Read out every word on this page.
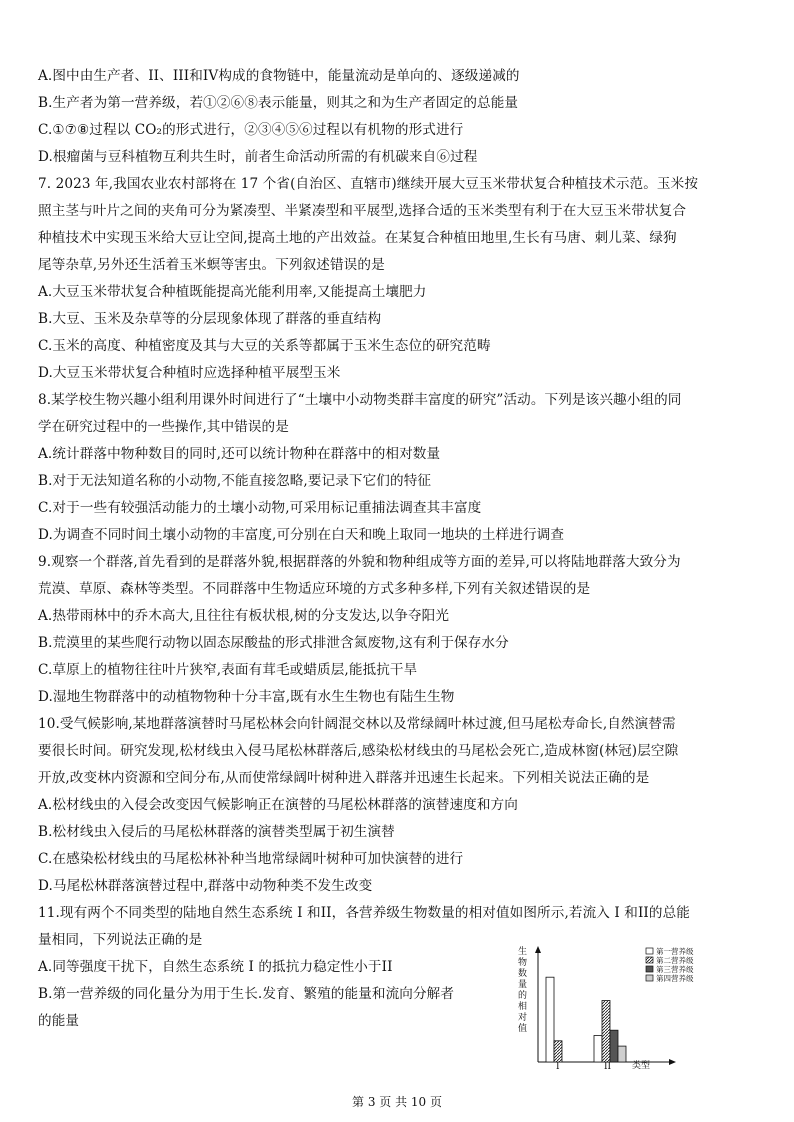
A.图中由生产者、II、III和IV构成的食物链中，能量流动是单向的、逐级递减的
B.生产者为第一营养级，若①②⑥⑧表示能量，则其之和为生产者固定的总能量
C.①⑦⑧过程以 CO₂的形式进行，②③④⑤⑥过程以有机物的形式进行
D.根瘤菌与豆科植物互利共生时，前者生命活动所需的有机碳来自⑥过程
7. 2023 年,我国农业农村部将在 17 个省(自治区、直辖市)继续开展大豆玉米带状复合种植技术示范。玉米按
照主茎与叶片之间的夹角可分为紧凑型、半紧凑型和平展型,选择合适的玉米类型有利于在大豆玉米带状复合
种植技术中实现玉米给大豆让空间,提高土地的产出效益。在某复合种植田地里,生长有马唐、刺儿菜、绿狗
尾等杂草,另外还生活着玉米螟等害虫。下列叙述错误的是
A.大豆玉米带状复合种植既能提高光能利用率,又能提高土壤肥力
B.大豆、玉米及杂草等的分层现象体现了群落的垂直结构
C.玉米的高度、种植密度及其与大豆的关系等都属于玉米生态位的研究范畴
D.大豆玉米带状复合种植时应选择种植平展型玉米
8.某学校生物兴趣小组利用课外时间进行了“土壤中小动物类群丰富度的研究”活动。下列是该兴趣小组的同
学在研究过程中的一些操作,其中错误的是
A.统计群落中物种数目的同时,还可以统计物种在群落中的相对数量
B.对于无法知道名称的小动物,不能直接忽略,要记录下它们的特征
C.对于一些有较强活动能力的土壤小动物,可采用标记重捕法调查其丰富度
D.为调查不同时间土壤小动物的丰富度,可分别在白天和晚上取同一地块的土样进行调查
9.观察一个群落,首先看到的是群落外貌,根据群落的外貌和物种组成等方面的差异,可以将陆地群落大致分为
荒漠、草原、森林等类型。不同群落中生物适应环境的方式多种多样,下列有关叙述错误的是
A.热带雨林中的乔木高大,且往往有板状根,树的分支发达,以争夺阳光
B.荒漠里的某些爬行动物以固态尿酸盐的形式排泄含氮废物,这有利于保存水分
C.草原上的植物往往叶片狭窄,表面有茸毛或蜡质层,能抵抗干旱
D.湿地生物群落中的动植物物种十分丰富,既有水生生物也有陆生生物
10.受气候影响,某地群落演替时马尾松林会向针阔混交林以及常绿阔叶林过渡,但马尾松寿命长,自然演替需
要很长时间。研究发现,松材线虫入侵马尾松林群落后,感染松材线虫的马尾松会死亡,造成林窗(林冠)层空隙
开放,改变林内资源和空间分布,从而使常绿阔叶树种进入群落并迅速生长起来。下列相关说法正确的是
A.松材线虫的入侵会改变因气候影响正在演替的马尾松林群落的演替速度和方向
B.松材线虫入侵后的马尾松林群落的演替类型属于初生演替
C.在感染松材线虫的马尾松林补种当地常绿阔叶树种可加快演替的进行
D.马尾松林群落演替过程中,群落中动物种类不发生改变
11.现有两个不同类型的陆地自然生态系统 I 和II，各营养级生物数量的相对值如图所示,若流入 I 和II的总能
量相同，下列说法正确的是
A.同等强度干扰下，自然生态系统 I 的抵抗力稳定性小于II
B.第一营养级的同化量分为用于生长.发育、繁殖的能量和流向分解者
的能量
生
物
数
量
的
相
对
值
I	II 类型
第一营养级
第二营养级
第三营养级
第四营养级
第 3 页 共 10 页
